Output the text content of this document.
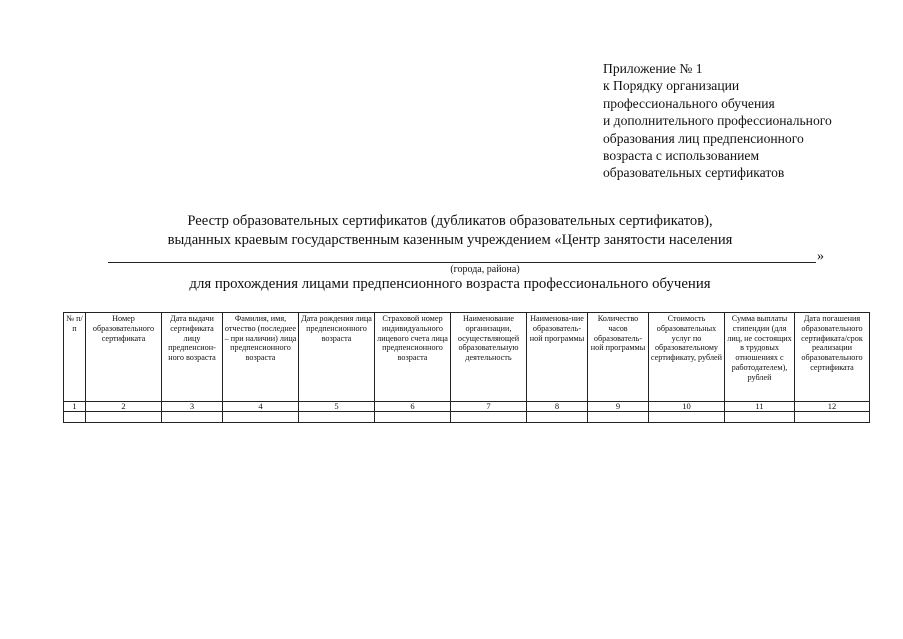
Приложение № 1
к Порядку организации
профессионального обучения
и дополнительного профессионального
образования лиц предпенсионного
возраста с использованием
образовательных сертификатов
Реестр образовательных сертификатов (дубликатов образовательных сертификатов),
выданных краевым государственным казенным учреждением «Центр занятости населения
»
(города, района)
для прохождения лицами предпенсионного возраста профессионального обучения
№ п/п	Номер образовательного сертификата	Дата выдачи сертификата лицу предпенсион-ного возраста	Фамилия, имя, отчество (последнее – при наличии) лица предпенсионного возраста	Дата рождения лица предпенсионного возраста	Страховой номер индивидуального лицевого счета лица предпенсионного возраста	Наименование организации, осуществляющей образовательную деятельность	Наименова-ние образователь-ной программы	Количество часов образователь-ной программы	Стоимость образовательных услуг по образовательному сертификату, рублей	Сумма выплаты стипендии (для лиц, не состоящих в трудовых отношениях с работодателем), рублей	Дата погашения образовательного сертификата/срок реализации образовательного сертификата
1	2	3	4	5	6	7	8	9	10	11	12
